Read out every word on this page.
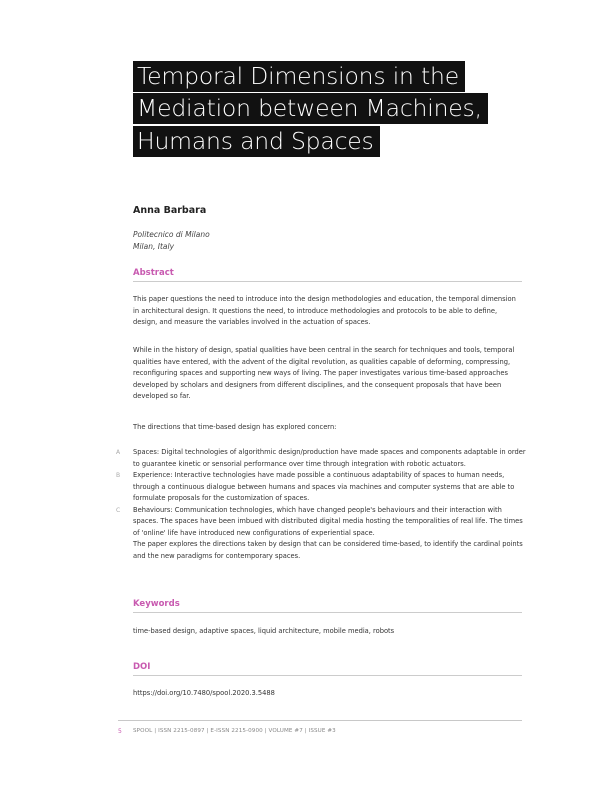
Temporal Dimensions in the
Mediation between Machines,
Humans and Spaces
Anna Barbara
Politecnico di Milano
Milan, Italy
Abstract
This paper questions the need to introduce into the design methodologies and education, the temporal dimension in architectural design. It questions the need, to introduce methodologies and protocols to be able to define, design, and measure the variables involved in the actuation of spaces.
While in the history of design, spatial qualities have been central in the search for techniques and tools, temporal qualities have entered, with the advent of the digital revolution, as qualities capable of deforming, compressing, reconfiguring spaces and supporting new ways of living. The paper investigates various time-based approaches developed by scholars and designers from different disciplines, and the consequent proposals that have been developed so far.
The directions that time-based design has explored concern:
A Spaces: Digital technologies of algorithmic design/production have made spaces and components adaptable in order to guarantee kinetic or sensorial performance over time through integration with robotic actuators.
B Experience: Interactive technologies have made possible a continuous adaptability of spaces to human needs, through a continuous dialogue between humans and spaces via machines and computer systems that are able to formulate proposals for the customization of spaces.
C Behaviours: Communication technologies, which have changed people's behaviours and their interaction with spaces. The spaces have been imbued with distributed digital media hosting the temporalities of real life. The times of 'online' life have introduced new configurations of experiential space.
The paper explores the directions taken by design that can be considered time-based, to identify the cardinal points and the new paradigms for contemporary spaces.
Keywords
time-based design, adaptive spaces, liquid architecture, mobile media, robots
DOI
https://doi.org/10.7480/spool.2020.3.5488
5 SPOOL | ISSN 2215-0897 | E-ISSN 2215-0900 | VOLUME #7 | ISSUE #3
